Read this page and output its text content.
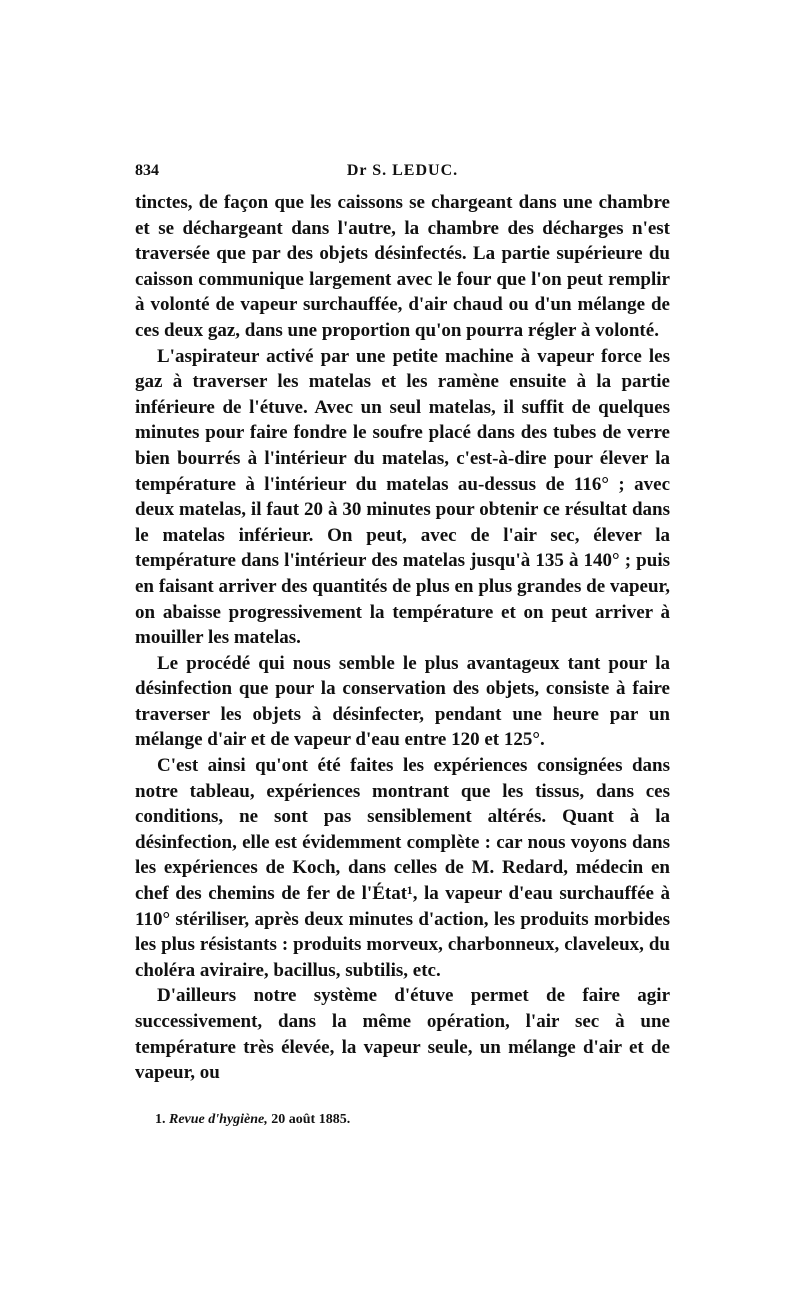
834	Dr S. LEDUC.

tinctes, de façon que les caissons se chargeant dans une chambre et se déchargeant dans l'autre, la chambre des décharges n'est traversée que par des objets désinfectés. La partie supérieure du caisson communique largement avec le four que l'on peut remplir à volonté de vapeur surchauffée, d'air chaud ou d'un mélange de ces deux gaz, dans une proportion qu'on pourra régler à volonté.

L'aspirateur activé par une petite machine à vapeur force les gaz à traverser les matelas et les ramène ensuite à la partie inférieure de l'étuve. Avec un seul matelas, il suffit de quelques minutes pour faire fondre le soufre placé dans des tubes de verre bien bourrés à l'intérieur du matelas, c'est-à-dire pour élever la température à l'intérieur du matelas au-dessus de 116° ; avec deux matelas, il faut 20 à 30 minutes pour obtenir ce résultat dans le matelas inférieur. On peut, avec de l'air sec, élever la température dans l'intérieur des matelas jusqu'à 135 à 140° ; puis en faisant arriver des quantités de plus en plus grandes de vapeur, on abaisse progressivement la température et on peut arriver à mouiller les matelas.

Le procédé qui nous semble le plus avantageux tant pour la désinfection que pour la conservation des objets, consiste à faire traverser les objets à désinfecter, pendant une heure par un mélange d'air et de vapeur d'eau entre 120 et 125°.

C'est ainsi qu'ont été faites les expériences consignées dans notre tableau, expériences montrant que les tissus, dans ces conditions, ne sont pas sensiblement altérés. Quant à la désinfection, elle est évidemment complète : car nous voyons dans les expériences de Koch, dans celles de M. Redard, médecin en chef des chemins de fer de l'État¹, la vapeur d'eau surchauffée à 110° stériliser, après deux minutes d'action, les produits morbides les plus résistants : produits morveux, charbonneux, claveleux, du choléra aviraire, bacillus, subtilis, etc.

D'ailleurs notre système d'étuve permet de faire agir successivement, dans la même opération, l'air sec à une température très élevée, la vapeur seule, un mélange d'air et de vapeur, ou

1. Revue d'hygiène, 20 août 1885.
